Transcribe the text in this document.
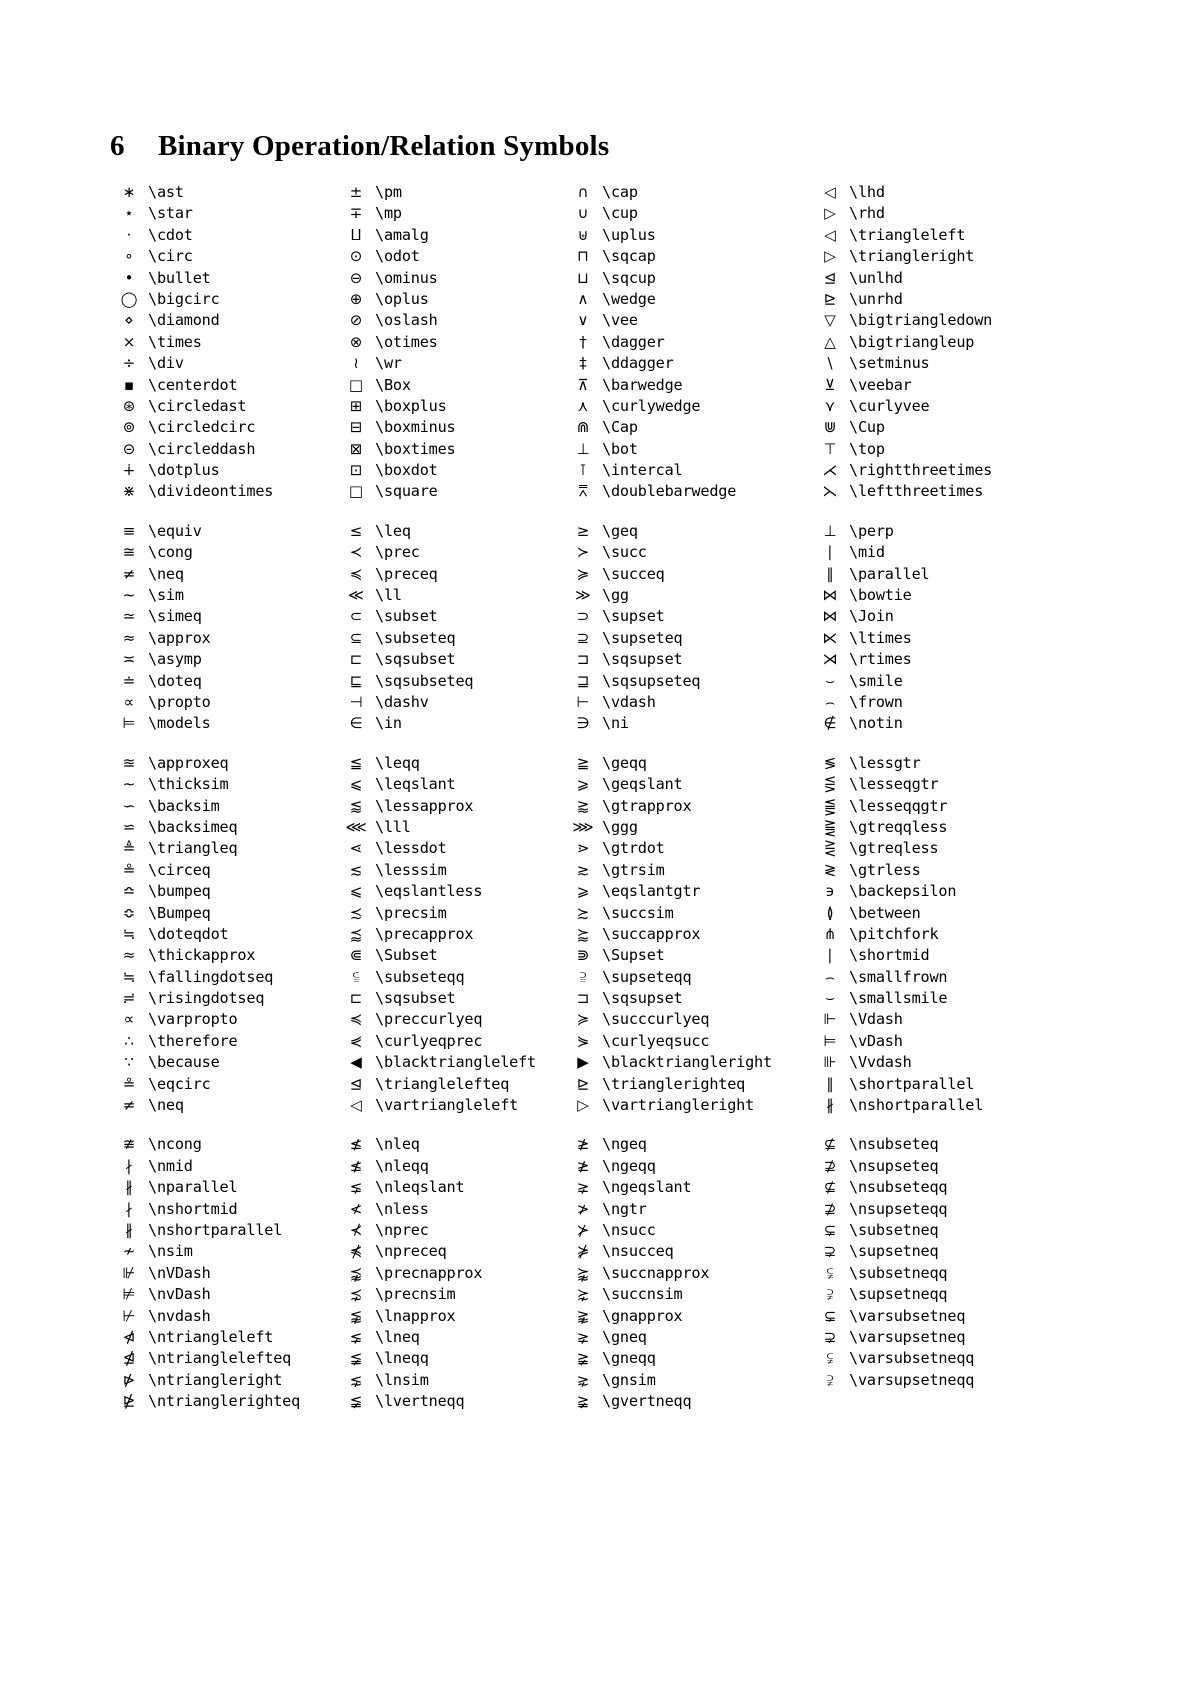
6	Binary Operation/Relation Symbols
∗ \ast	± \pm	∩ \cap	◁ \lhd
⋆ \star	∓ \mp	∪ \cup	▷ \rhd
·	\cdot	⨿ \amalg	⊎ \uplus	◁ \triangleleft
∘ \circ	⊙ \odot	⊓ \sqcap	▷ \triangleright
• \bullet	⊖ \ominus	⊔ \sqcup	⊴ \unlhd
◯ \bigcirc	⊕ \oplus	∧ \wedge	⊵ \unrhd
⋄ \diamond	⊘ \oslash	∨ \vee	▽ \bigtriangledown
× \times	⊗ \otimes	†	\dagger	△ \bigtriangleup
÷ \div	≀	\wr	‡	\ddagger	\	\setminus
▪ \centerdot	□ \Box	⊼ \barwedge	⊻ \veebar
⊛ \circledast	⊞ \boxplus	⋏ \curlywedge	⋎ \curlyvee
⊚ \circledcirc	⊟ \boxminus	⋒ \Cap	⋓ \Cup
⊝ \circleddash	⊠ \boxtimes	⊥ \bot	⊤ \top
∔ \dotplus	⊡ \boxdot	⊺ \intercal	⋌ \rightthreetimes
⋇ \divideontimes	□ \square	⩞ \doublebarwedge	⋋ \leftthreetimes
≡ \equiv	≤ \leq	≥ \geq	⊥ \perp
≅ \cong	≺ \prec	≻ \succ	∣	\mid
≠ \neq	≼ \preceq	≽ \succeq	∥	\parallel
∼ \sim	≪ \ll	≫ \gg	⋈ \bowtie
≃ \simeq	⊂ \subset	⊃ \supset	⋈ \Join
≈ \approx	⊆ \subseteq	⊇ \supseteq	⋉ \ltimes
≍ \asymp	⊏ \sqsubset	⊐ \sqsupset	⋊ \rtimes
≐ \doteq	⊑ \sqsubseteq	⊒ \sqsupseteq	⌣ \smile
∝ \propto	⊣ \dashv	⊢ \vdash	⌢ \frown
⊨ \models	∈ \in	∋ \ni	∉ \notin
≊ \approxeq	≦ \leqq	≧ \geqq	≶ \lessgtr
∼ \thicksim	⩽ \leqslant	⩾ \geqslant	⋚ \lesseqgtr
∽ \backsim	⪅ \lessapprox	⪆ \gtrapprox	⪋ \lesseqqgtr
⋍ \backsimeq	⋘ \lll	⋙ \ggg	⪌ \gtreqqless
≜ \triangleq	⋖ \lessdot	⋗ \gtrdot	⋛ \gtreqless
≗ \circeq	≲ \lesssim	≳ \gtrsim	≷ \gtrless
≏ \bumpeq	⩽ \eqslantless	⩾ \eqslantgtr	϶ \backepsilon
≎ \Bumpeq	≾ \precsim	≿ \succsim	≬	\between
≒ \doteqdot	⪷ \precapprox	⪸ \succapprox	⋔ \pitchfork
≈ \thickapprox	⋐ \Subset	⋑ \Supset	∣	\shortmid
≒ \fallingdotseq	⫅	\subseteqq	⫆	\supseteqq	⌢ \smallfrown
≓ \risingdotseq	⊏ \sqsubset	⊐ \sqsupset	⌣ \smallsmile
∝ \varpropto	≼ \preccurlyeq	≽ \succcurlyeq	⊩ \Vdash
∴ \therefore	⋞ \curlyeqprec	⋟ \curlyeqsucc	⊨ \vDash
∵ \because	◀ \blacktriangleleft	▶ \blacktriangleright	⊪ \Vvdash
≗ \eqcirc	⊴ \trianglelefteq	⊵ \trianglerighteq	∥	\shortparallel
≠ \neq	◁ \vartriangleleft	▷ \vartriangleright	∦	\nshortparallel
≇ \ncong	≰ \nleq	≱ \ngeq	⊈ \nsubseteq
∤	\nmid	≰ \nleqq	≱ \ngeqq	⊉ \nsupseteq
∦	\nparallel	⪇ \nleqslant	⪈ \ngeqslant	⊈ \nsubseteqq
∤	\nshortmid	≮ \nless	≯ \ngtr	⊉ \nsupseteqq
∦	\nshortparallel	⊀ \nprec	⊁ \nsucc	⊊ \subsetneq
≁ \nsim	⋠ \npreceq	⋡ \nsucceq	⊋ \supsetneq
⊮ \nVDash	⪹ \precnapprox	⪺ \succnapprox	⫋	\subsetneqq
⊭ \nvDash	⋨ \precnsim	⋩ \succnsim	⫌	\supsetneqq
⊬ \nvdash	⪉ \lnapprox	⪊ \gnapprox	⊊ \varsubsetneq
⋪ \ntriangleleft	⪇ \lneq	⪈ \gneq	⊋ \varsupsetneq
⋬ \ntrianglelefteq	≨ \lneqq	≩ \gneqq	⫋	\varsubsetneqq
⋫ \ntriangleright	⋦ \lnsim	⋧ \gnsim	⫌	\varsupsetneqq
⋭ \ntrianglerighteq	≨ \lvertneqq	≩ \gvertneqq
